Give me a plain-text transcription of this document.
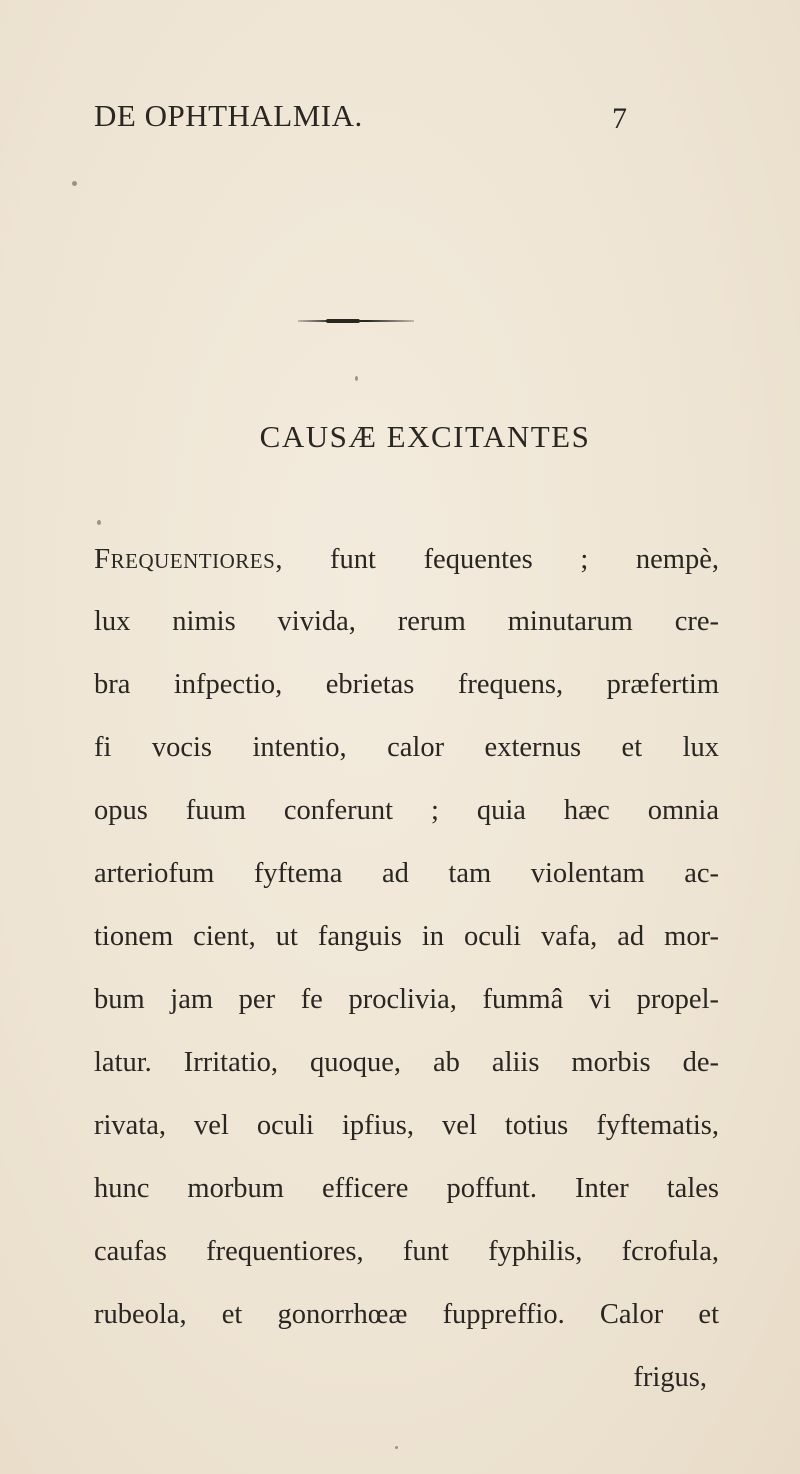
DE OPHTHALMIA.	7
CAUSÆ EXCITANTES
FREQUENTIORES, funt fequentes ; nempè,
lux nimis vivida, rerum minutarum cre-
bra infpectio, ebrietas frequens, præfertim
fi vocis intentio, calor externus et lux
opus fuum conferunt ; quia hæc omnia
arteriofum fyftema ad tam violentam ac-
tionem cient, ut fanguis in oculi vafa, ad mor-
bum jam per fe proclivia, fummâ vi propel-
latur. Irritatio, quoque, ab aliis morbis de-
rivata, vel oculi ipfius, vel totius fyftematis,
hunc morbum efficere poffunt. Inter tales
caufas frequentiores, funt fyphilis, fcrofula,
rubeola, et gonorrhœæ fuppreffio. Calor et
frigus,
